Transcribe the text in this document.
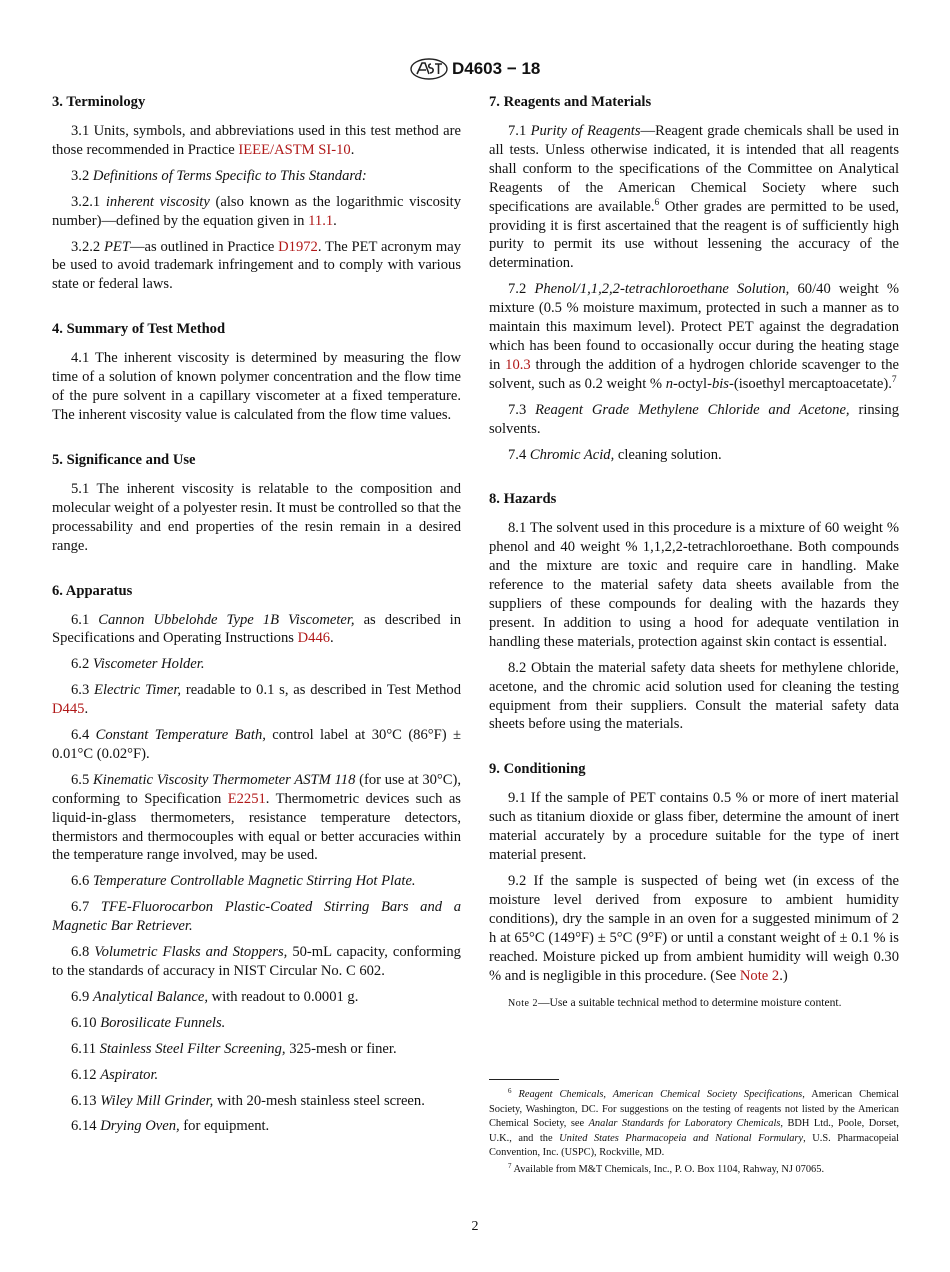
D4603 − 18
3. Terminology

3.1 Units, symbols, and abbreviations used in this test method are those recommended in Practice IEEE/ASTM SI-10.

3.2 Definitions of Terms Specific to This Standard:

3.2.1 inherent viscosity (also known as the logarithmic viscosity number)—defined by the equation given in 11.1.

3.2.2 PET—as outlined in Practice D1972. The PET acronym may be used to avoid trademark infringement and to comply with various state or federal laws.

4. Summary of Test Method

4.1 The inherent viscosity is determined by measuring the flow time of a solution of known polymer concentration and the flow time of the pure solvent in a capillary viscometer at a fixed temperature. The inherent viscosity value is calculated from the flow time values.

5. Significance and Use

5.1 The inherent viscosity is relatable to the composition and molecular weight of a polyester resin. It must be controlled so that the processability and end properties of the resin remain in a desired range.

6. Apparatus

6.1 Cannon Ubbelohde Type 1B Viscometer, as described in Specifications and Operating Instructions D446.

6.2 Viscometer Holder.

6.3 Electric Timer, readable to 0.1 s, as described in Test Method D445.

6.4 Constant Temperature Bath, control label at 30°C (86°F) ± 0.01°C (0.02°F).

6.5 Kinematic Viscosity Thermometer ASTM 118 (for use at 30°C), conforming to Specification E2251. Thermometric devices such as liquid-in-glass thermometers, resistance temperature detectors, thermistors and thermocouples with equal or better accuracies within the temperature range involved, may be used.

6.6 Temperature Controllable Magnetic Stirring Hot Plate.

6.7 TFE-Fluorocarbon Plastic-Coated Stirring Bars and a Magnetic Bar Retriever.

6.8 Volumetric Flasks and Stoppers, 50-mL capacity, conforming to the standards of accuracy in NIST Circular No. C 602.

6.9 Analytical Balance, with readout to 0.0001 g.

6.10 Borosilicate Funnels.

6.11 Stainless Steel Filter Screening, 325-mesh or finer.

6.12 Aspirator.

6.13 Wiley Mill Grinder, with 20-mesh stainless steel screen.

6.14 Drying Oven, for equipment.

7. Reagents and Materials

7.1 Purity of Reagents—Reagent grade chemicals shall be used in all tests. Unless otherwise indicated, it is intended that all reagents shall conform to the specifications of the Committee on Analytical Reagents of the American Chemical Society where such specifications are available.$^6$ Other grades are permitted to be used, providing it is first ascertained that the reagent is of sufficiently high purity to permit its use without lessening the accuracy of the determination.

7.2 Phenol/1,1,2,2-tetrachloroethane Solution, 60/40 weight % mixture (0.5 % moisture maximum, protected in such a manner as to maintain this maximum level). Protect PET against the degradation which has been found to occasionally occur during the heating stage in 10.3 through the addition of a hydrogen chloride scavenger to the solvent, such as 0.2 weight % n-octyl-bis-(isoethyl mercaptoacetate).$^7$

7.3 Reagent Grade Methylene Chloride and Acetone, rinsing solvents.

7.4 Chromic Acid, cleaning solution.

8. Hazards

8.1 The solvent used in this procedure is a mixture of 60 weight % phenol and 40 weight % 1,1,2,2-tetrachloroethane. Both compounds and the mixture are toxic and require care in handling. Make reference to the material safety data sheets available from the suppliers of these compounds for dealing with the hazards they present. In addition to using a hood for adequate ventilation in handling these materials, protection against skin contact is essential.

8.2 Obtain the material safety data sheets for methylene chloride, acetone, and the chromic acid solution used for cleaning the testing equipment from their suppliers. Consult the material safety data sheets before using the materials.

9. Conditioning

9.1 If the sample of PET contains 0.5 % or more of inert material such as titanium dioxide or glass fiber, determine the amount of inert material accurately by a procedure suitable for the type of inert material present.

9.2 If the sample is suspected of being wet (in excess of the moisture level derived from exposure to ambient humidity conditions), dry the sample in an oven for a suggested minimum of 2 h at 65°C (149°F) ± 5°C (9°F) or until a constant weight of ± 0.1 % is reached. Moisture picked up from ambient humidity will weigh 0.30 % and is negligible in this procedure. (See Note 2.)

Note 2—Use a suitable technical method to determine moisture content.

$^6$ Reagent Chemicals, American Chemical Society Specifications, American Chemical Society, Washington, DC. For suggestions on the testing of reagents not listed by the American Chemical Society, see Analar Standards for Laboratory Chemicals, BDH Ltd., Poole, Dorset, U.K., and the United States Pharmacopeia and National Formulary, U.S. Pharmacopeial Convention, Inc. (USPC), Rockville, MD.

$^7$ Available from M&T Chemicals, Inc., P. O. Box 1104, Rahway, NJ 07065.

2
